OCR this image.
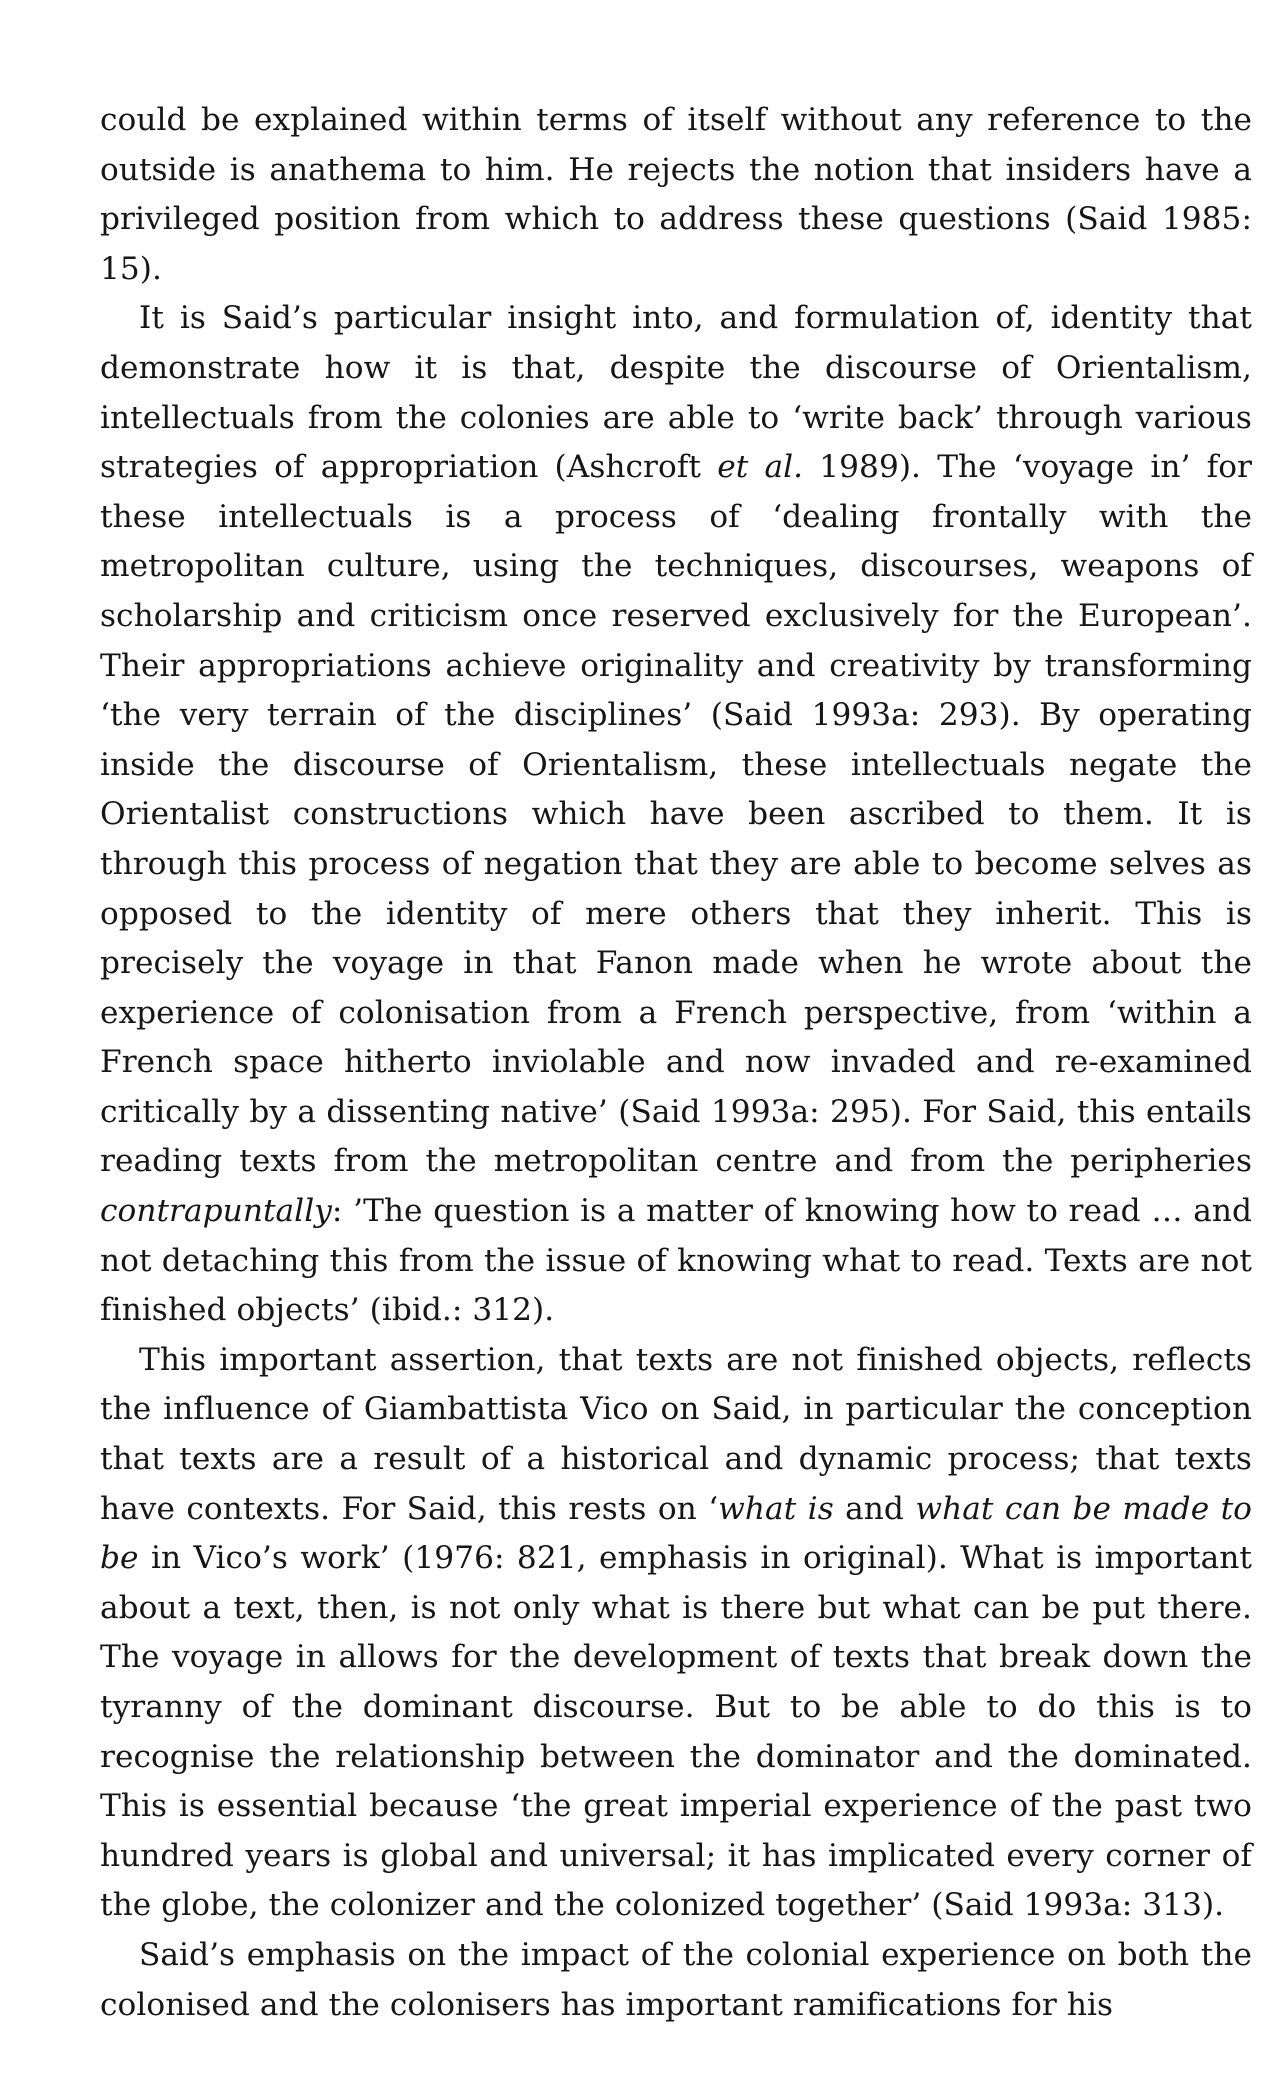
could be explained within terms of itself without any reference to the outside is anathema to him. He rejects the notion that insiders have a privileged position from which to address these questions (Said 1985: 15).

It is Said’s particular insight into, and formulation of, identity that demonstrate how it is that, despite the discourse of Orientalism, intellectuals from the colonies are able to ‘write back’ through various strategies of appropriation (Ashcroft et al. 1989). The ‘voyage in’ for these intellectuals is a process of ‘dealing frontally with the metropolitan culture, using the techniques, discourses, weapons of scholarship and criticism once reserved exclusively for the European’. Their appropriations achieve originality and creativity by transforming ‘the very terrain of the disciplines’ (Said 1993a: 293). By operating inside the discourse of Orientalism, these intellectuals negate the Orientalist constructions which have been ascribed to them. It is through this process of negation that they are able to become selves as opposed to the identity of mere others that they inherit. This is precisely the voyage in that Fanon made when he wrote about the experience of colonisation from a French perspective, from ‘within a French space hitherto inviolable and now invaded and re-examined critically by a dissenting native’ (Said 1993a: 295). For Said, this entails reading texts from the metropolitan centre and from the peripheries contrapuntally: ’The question is a matter of knowing how to read … and not detaching this from the issue of knowing what to read. Texts are not finished objects’ (ibid.: 312).

This important assertion, that texts are not finished objects, reflects the influence of Giambattista Vico on Said, in particular the conception that texts are a result of a historical and dynamic process; that texts have contexts. For Said, this rests on ‘what is and what can be made to be in Vico’s work’ (1976: 821, emphasis in original). What is important about a text, then, is not only what is there but what can be put there. The voyage in allows for the development of texts that break down the tyranny of the dominant discourse. But to be able to do this is to recognise the relationship between the dominator and the dominated. This is essential because ‘the great imperial experience of the past two hundred years is global and universal; it has implicated every corner of the globe, the colonizer and the colonized together’ (Said 1993a: 313).

Said’s emphasis on the impact of the colonial experience on both the colonised and the colonisers has important ramifications for his
